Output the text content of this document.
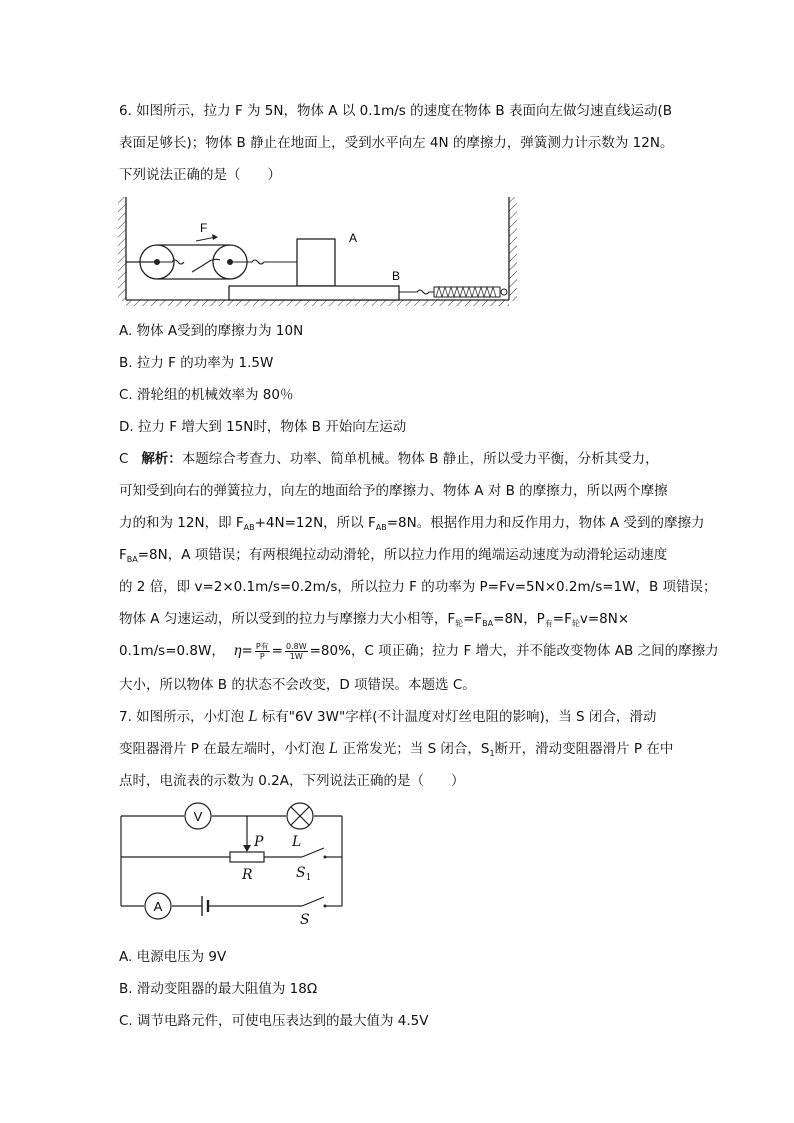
6. 如图所示，拉力 F 为 5N，物体 A 以 0.1m/s 的速度在物体 B 表面向左做匀速直线运动(B
表面足够长)；物体 B 静止在地面上，受到水平向左 4N 的摩擦力，弹簧测力计示数为 12N。
下列说法正确的是（　　）
F
A
B
A. 物体 A受到的摩擦力为 10N
B. 拉力 F 的功率为 1.5W
C. 滑轮组的机械效率为 80％
D. 拉力 F 增大到 15N时，物体 B 开始向左运动
C 解析：本题综合考查力、功率、简单机械。物体 B 静止，所以受力平衡，分析其受力，
可知受到向右的弹簧拉力，向左的地面给予的摩擦力、物体 A 对 B 的摩擦力，所以两个摩擦
力的和为 12N，即 $F_{AB}+4N=12N$，所以 $F_{AB}=8N$。根据作用力和反作用力，物体 A 受到的摩擦力
$F_{BA}=8N$，A 项错误；有两根绳拉动动滑轮，所以拉力作用的绳端运动速度为动滑轮运动速度
的 2 倍，即 v=2×0.1m/s=0.2m/s，所以拉力 F 的功率为 P=Fv=5N×0.2m/s=1W，B 项错误；
物体 A 匀速运动，所以受到的拉力与摩擦力大小相等，$F_轮=F_{BA}=8N$，$P_有=F_轮v=8N\times$
0.1m/s=0.8W， $\eta= \frac{\text{P有}}{P} = \frac{0.8W}{1W} =80\%$，C 项正确；拉力 F 增大，并不能改变物体 AB 之间的摩擦力
大小，所以物体 B 的状态不会改变，D 项错误。本题选 C。
7. 如图所示，小灯泡 L 标有"6V 3W"字样(不计温度对灯丝电阻的影响)，当 S 闭合，滑动
变阻器滑片 P 在最左端时，小灯泡 L 正常发光；当 S 闭合，$S_1$断开，滑动变阻器滑片 P 在中
点时，电流表的示数为 0.2A，下列说法正确的是（　　）
V
A
P L
R	$S_1$
S
A. 电源电压为 9V
B. 滑动变阻器的最大阻值为 18Ω
C. 调节电路元件，可使电压表达到的最大值为 4.5V
